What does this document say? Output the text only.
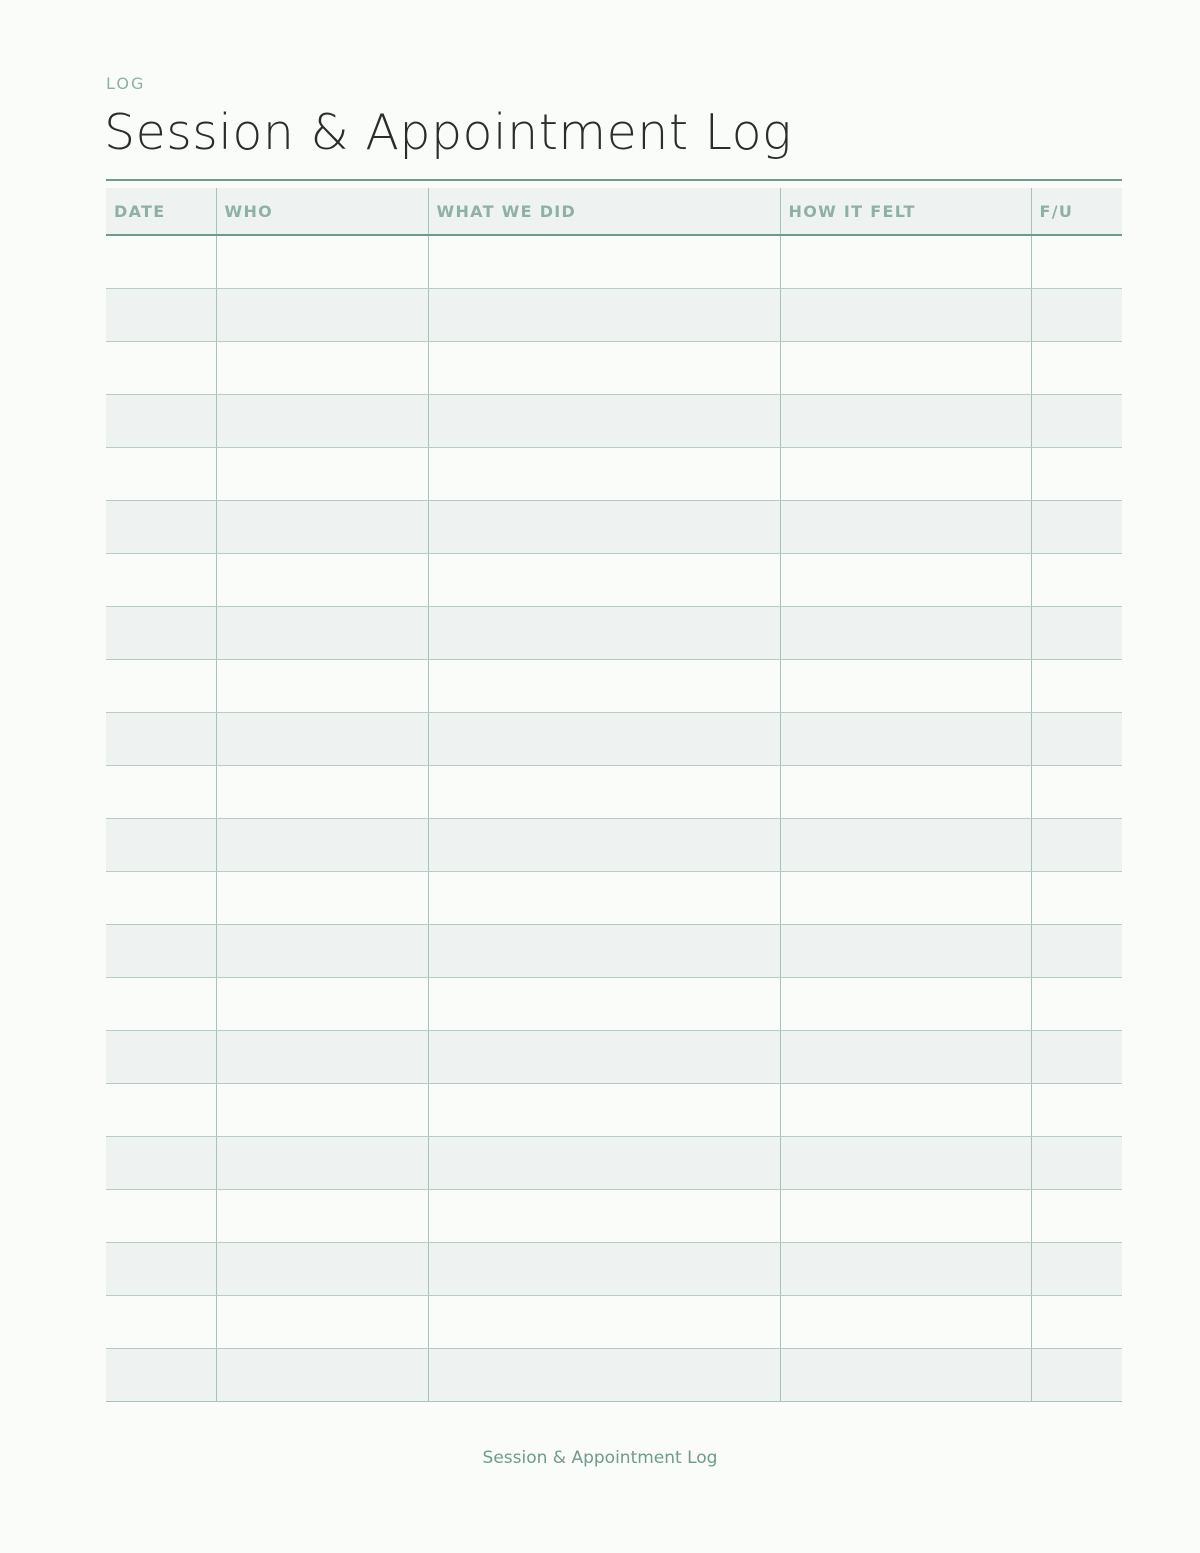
LOG

Session & Appointment Log
DATE	WHO	WHAT WE DID	HOW IT FELT	F/U

Session & Appointment Log
